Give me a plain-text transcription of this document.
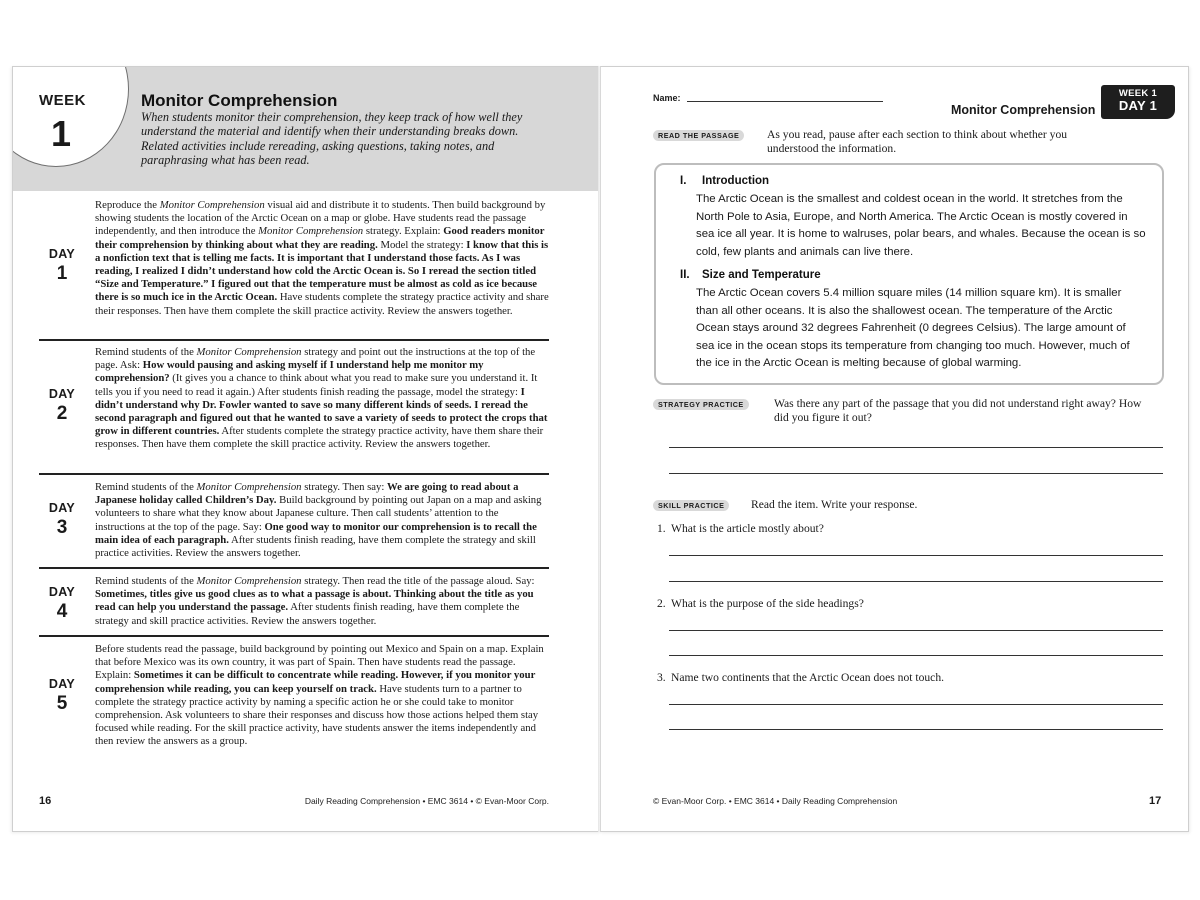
WEEK
1
Monitor Comprehension
When students monitor their comprehension, they keep track of how well they understand the material and identify when their understanding breaks down. Related activities include rereading, asking questions, taking notes, and paraphrasing what has been read.
DAY
1
Reproduce the Monitor Comprehension visual aid and distribute it to students. Then build background by showing students the location of the Arctic Ocean on a map or globe. Have students read the passage independently, and then introduce the Monitor Comprehension strategy. Explain: Good readers monitor their comprehension by thinking about what they are reading. Model the strategy: I know that this is a nonfiction text that is telling me facts. It is important that I understand those facts. As I was reading, I realized I didn’t understand how cold the Arctic Ocean is. So I reread the section titled “Size and Temperature.” I figured out that the temperature must be almost as cold as ice because there is so much ice in the Arctic Ocean. Have students complete the strategy practice activity and share their responses. Then have them complete the skill practice activity. Review the answers together.
DAY
2
Remind students of the Monitor Comprehension strategy and point out the instructions at the top of the page. Ask: How would pausing and asking myself if I understand help me monitor my comprehension? (It gives you a chance to think about what you read to make sure you understand it. It tells you if you need to read it again.) After students finish reading the passage, model the strategy: I didn’t understand why Dr. Fowler wanted to save so many different kinds of seeds. I reread the second paragraph and figured out that he wanted to save a variety of seeds to protect the crops that grow in different countries. After students complete the strategy practice activity, have them share their responses. Then have them complete the skill practice activity. Review the answers together.
DAY
3
Remind students of the Monitor Comprehension strategy. Then say: We are going to read about a Japanese holiday called Children’s Day. Build background by pointing out Japan on a map and asking volunteers to share what they know about Japanese culture. Then call students’ attention to the instructions at the top of the page. Say: One good way to monitor our comprehension is to recall the main idea of each paragraph. After students finish reading, have them complete the strategy and skill practice activities. Review the answers together.
DAY
4
Remind students of the Monitor Comprehension strategy. Then read the title of the passage aloud. Say: Sometimes, titles give us good clues as to what a passage is about. Thinking about the title as you read can help you understand the passage. After students finish reading, have them complete the strategy and skill practice activities. Review the answers together.
DAY
5
Before students read the passage, build background by pointing out Mexico and Spain on a map. Explain that before Mexico was its own country, it was part of Spain. Then have students read the passage. Explain: Sometimes it can be difficult to concentrate while reading. However, if you monitor your comprehension while reading, you can keep yourself on track. Have students turn to a partner to complete the strategy practice activity by naming a specific action he or she could take to monitor comprehension. Ask volunteers to share their responses and discuss how those actions helped them stay focused while reading. For the skill practice activity, have students answer the items independently and then review the answers as a group.
16	Daily Reading Comprehension • EMC 3614 • © Evan-Moor Corp.
Name:
Monitor Comprehension
WEEK 1
DAY 1
READ THE PASSAGE	As you read, pause after each section to think about whether you understood the information.
I. Introduction
The Arctic Ocean is the smallest and coldest ocean in the world. It stretches from the North Pole to Asia, Europe, and North America. The Arctic Ocean is mostly covered in sea ice all year. It is home to walruses, polar bears, and whales. Because the ocean is so cold, few plants and animals can live there.
II. Size and Temperature
The Arctic Ocean covers 5.4 million square miles (14 million square km). It is smaller than all other oceans. It is also the shallowest ocean. The temperature of the Arctic Ocean stays around 32 degrees Fahrenheit (0 degrees Celsius). The large amount of sea ice in the ocean stops its temperature from changing too much. However, much of the ice in the Arctic Ocean is melting because of global warming.
STRATEGY PRACTICE	Was there any part of the passage that you did not understand right away? How did you figure it out?
SKILL PRACTICE	Read the item. Write your response.
1. What is the article mostly about?
2. What is the purpose of the side headings?
3. Name two continents that the Arctic Ocean does not touch.
© Evan-Moor Corp. • EMC 3614 • Daily Reading Comprehension	17
